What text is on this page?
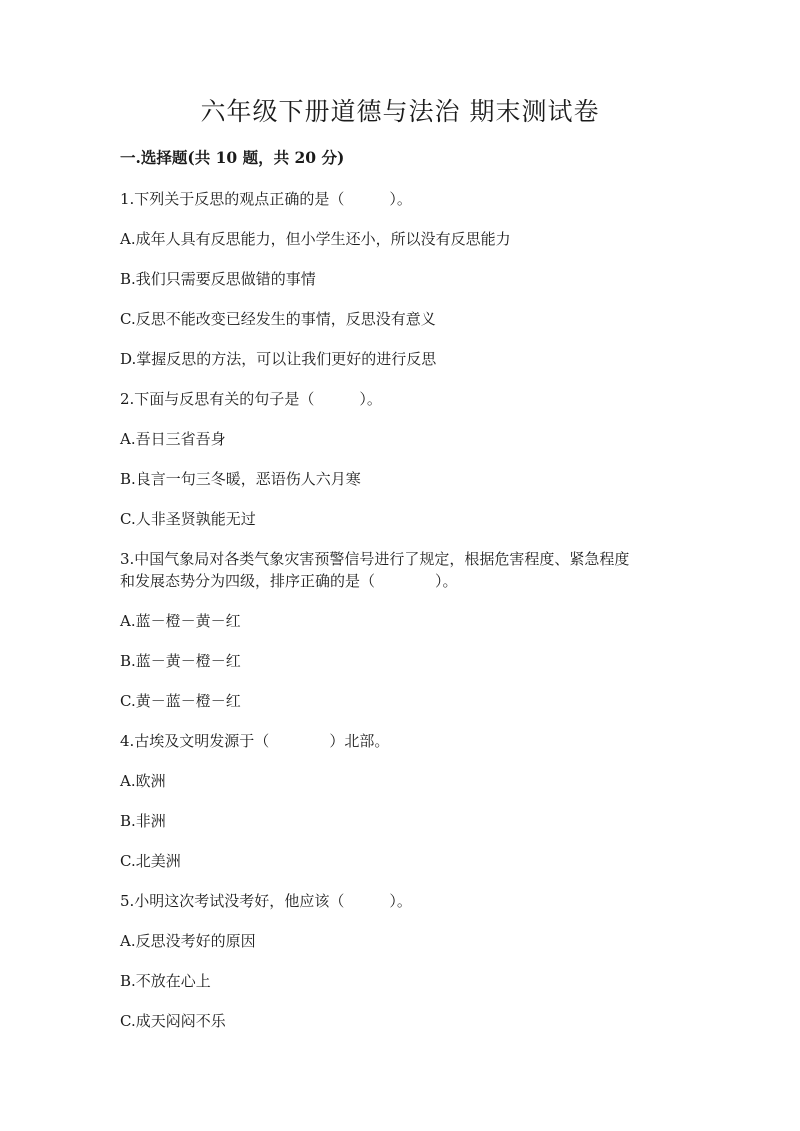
六年级下册道德与法治 期末测试卷
一.选择题(共 10 题，共 20 分)
1.下列关于反思的观点正确的是（　　　）。
A.成年人具有反思能力，但小学生还小，所以没有反思能力
B.我们只需要反思做错的事情
C.反思不能改变已经发生的事情，反思没有意义
D.掌握反思的方法，可以让我们更好的进行反思
2.下面与反思有关的句子是（　　　）。
A.吾日三省吾身
B.良言一句三冬暖，恶语伤人六月寒
C.人非圣贤孰能无过
3.中国气象局对各类气象灾害预警信号进行了规定，根据危害程度、紧急程度
和发展态势分为四级，排序正确的是（　　　　）。
A.蓝－橙－黄－红
B.蓝－黄－橙－红
C.黄－蓝－橙－红
4.古埃及文明发源于（　　　　）北部。
A.欧洲
B.非洲
C.北美洲
5.小明这次考试没考好，他应该（　　　）。
A.反思没考好的原因
B.不放在心上
C.成天闷闷不乐
